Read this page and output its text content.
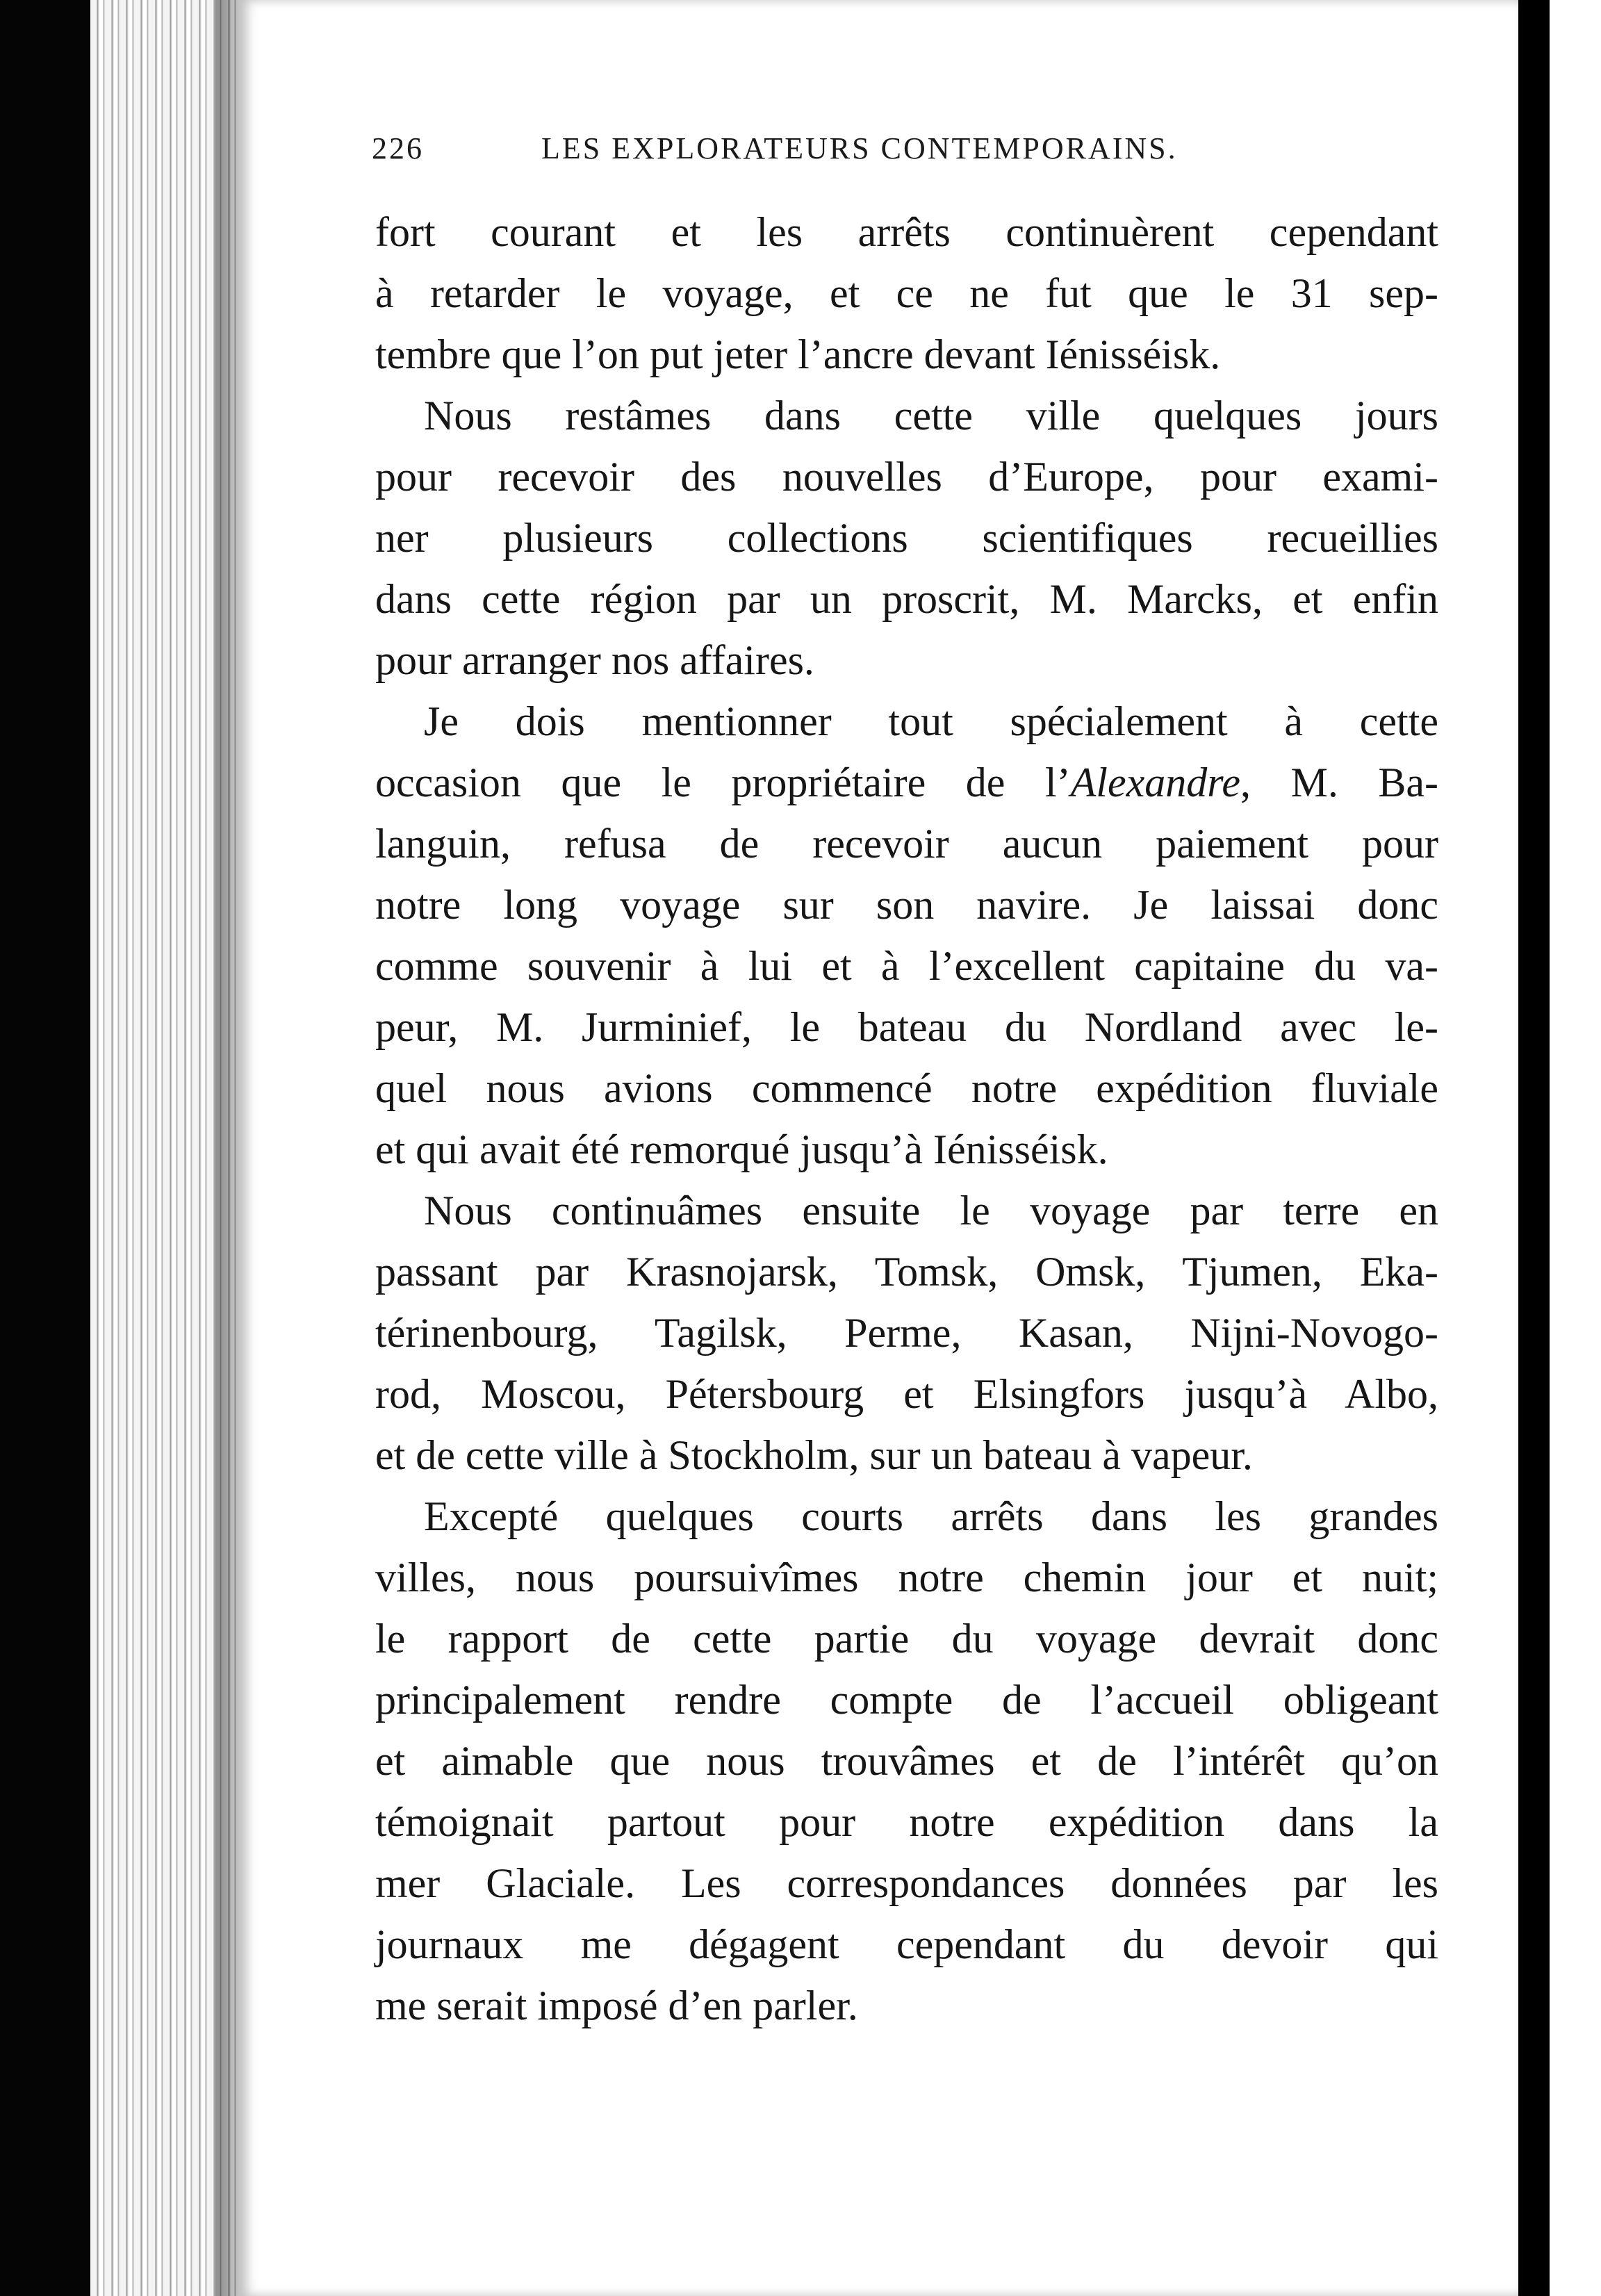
226	LES EXPLORATEURS CONTEMPORAINS.

fort courant et les arrêts continuèrent cependant
à retarder le voyage, et ce ne fut que le 31 sep-
tembre que l’on put jeter l’ancre devant Iénisséisk.

Nous restâmes dans cette ville quelques jours
pour recevoir des nouvelles d’Europe, pour exami-
ner plusieurs collections scientifiques recueillies
dans cette région par un proscrit, M. Marcks, et enfin
pour arranger nos affaires.

Je dois mentionner tout spécialement à cette
occasion que le propriétaire de l’Alexandre, M. Ba-
languin, refusa de recevoir aucun paiement pour
notre long voyage sur son navire. Je laissai donc
comme souvenir à lui et à l’excellent capitaine du va-
peur, M. Jurminief, le bateau du Nordland avec le-
quel nous avions commencé notre expédition fluviale
et qui avait été remorqué jusqu’à Iénisséisk.

Nous continuâmes ensuite le voyage par terre en
passant par Krasnojarsk, Tomsk, Omsk, Tjumen, Eka-
térinenbourg, Tagilsk, Perme, Kasan, Nijni-Novogo-
rod, Moscou, Pétersbourg et Elsingfors jusqu’à Albo,
et de cette ville à Stockholm, sur un bateau à vapeur.

Excepté quelques courts arrêts dans les grandes
villes, nous poursuivîmes notre chemin jour et nuit;
le rapport de cette partie du voyage devrait donc
principalement rendre compte de l’accueil obligeant
et aimable que nous trouvâmes et de l’intérêt qu’on
témoignait partout pour notre expédition dans la
mer Glaciale. Les correspondances données par les
journaux me dégagent cependant du devoir qui
me serait imposé d’en parler.
